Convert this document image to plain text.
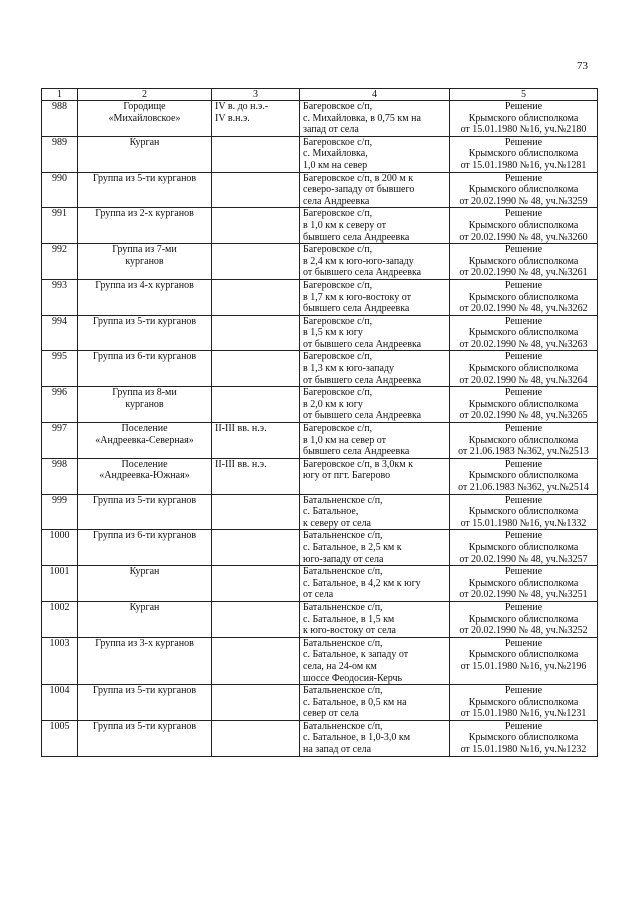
73
1	2	3	4	5
988	Городище
«Михайловское»	IV в. до н.э.-
IV в.н.э.	Багеровское с/п,
с. Михайловка, в 0,75 км на
запад от села	Решение
Крымского облисполкома
от 15.01.1980 №16, уч.№2180

989	Курган		Багеровское с/п,
с. Михайловка,
1,0 км на север	Решение
Крымского облисполкома
от 15.01.1980 №16, уч.№1281

990	Группа из 5-ти курганов		Багеровское с/п, в 200 м к
северо-западу от бывшего
села Андреевка	Решение
Крымского облисполкома
от 20.02.1990 № 48, уч.№3259

991	Группа из 2-х курганов		Багеровское с/п,
в 1,0 км к северу от
бывшего села Андреевка	Решение
Крымского облисполкома
от 20.02.1990 № 48, уч.№3260

992	Группа из 7-ми
курганов		Багеровское с/п,
в 2,4 км к юго-юго-западу
от бывшего села Андреевка	Решение
Крымского облисполкома
от 20.02.1990 № 48, уч.№3261

993	Группа из 4-х курганов		Багеровское с/п,
в 1,7 км к юго-востоку от
бывшего села Андреевка	Решение
Крымского облисполкома
от 20.02.1990 № 48, уч.№3262

994	Группа из 5-ти курганов		Багеровское с/п,
в 1,5 км к югу
от бывшего села Андреевка	Решение
Крымского облисполкома
от 20.02.1990 № 48, уч.№3263

995	Группа из 6-ти курганов		Багеровское с/п,
в 1,3 км к юго-западу
от бывшего села Андреевка	Решение
Крымского облисполкома
от 20.02.1990 № 48, уч.№3264

996	Группа из 8-ми
курганов		Багеровское с/п,
в 2,0 км к югу
от бывшего села Андреевка	Решение
Крымского облисполкома
от 20.02.1990 № 48, уч.№3265

997	Поселение
«Андреевка-Северная»	II-III вв. н.э.	Багеровское с/п,
в 1,0 км на север от
бывшего села Андреевка	Решение
Крымского облисполкома
от 21.06.1983 №362, уч.№2513

998	Поселение
«Андреевка-Южная»	II-III вв. н.э.	Багеровское с/п, в 3,0км к
югу от пгт. Багерово	Решение
Крымского облисполкома
от 21.06.1983 №362, уч.№2514

999	Группа из 5-ти курганов		Батальненское с/п,
с. Батальное,
к северу от села	Решение
Крымского облисполкома
от 15.01.1980 №16, уч.№1332

1000	Группа из 6-ти курганов		Батальненское с/п,
с. Батальное, в 2,5 км к
юго-западу от села	Решение
Крымского облисполкома
от 20.02.1990 № 48, уч.№3257

1001	Курган		Батальненское с/п,
с. Батальное, в 4,2 км к югу
от села	Решение
Крымского облисполкома
от 20.02.1990 № 48, уч.№3251

1002	Курган		Батальненское с/п,
с. Батальное, в 1,5 км
к юго-востоку от села	Решение
Крымского облисполкома
от 20.02.1990 № 48, уч.№3252

1003	Группа из 3-х курганов		Батальненское с/п,
с. Батальное, к западу от
села, на 24-ом км
шоссе Феодосия-Керчь	Решение
Крымского облисполкома
от 15.01.1980 №16, уч.№2196

1004	Группа из 5-ти курганов		Батальненское с/п,
с. Батальное, в 0,5 км на
север от села	Решение
Крымского облисполкома
от 15.01.1980 №16, уч.№1231

1005	Группа из 5-ти курганов		Батальненское с/п,
с. Батальное, в 1,0-3,0 км
на запад от села	Решение
Крымского облисполкома
от 15.01.1980 №16, уч.№1232
